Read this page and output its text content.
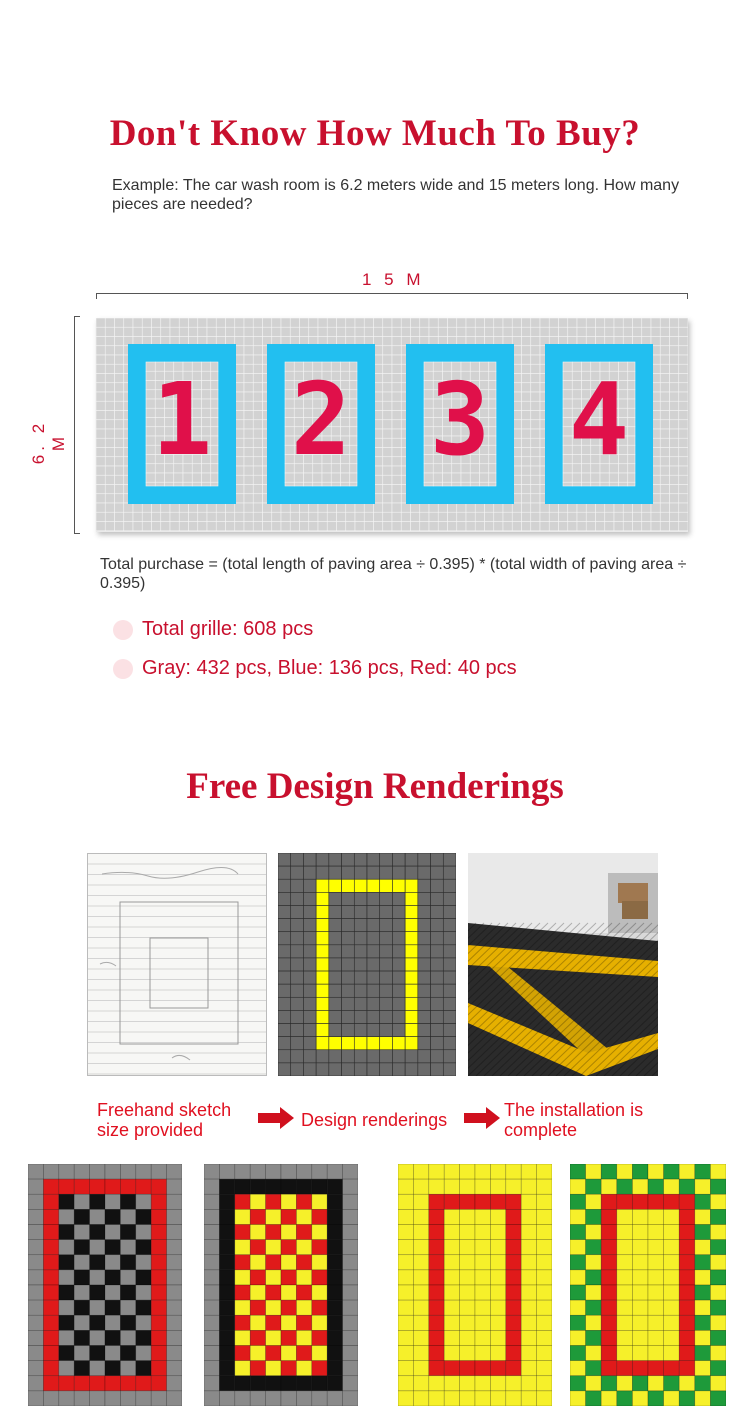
Don't Know How Much To Buy?
Example: The car wash room is 6.2 meters wide and 15 meters long. How many pieces are needed?
1 5 M
6. 2 M 1 2 3 4
Total purchase = (total length of paving area ÷ 0.395) * (total width of paving area ÷ 0.395)
Total grille: 608 pcs
Gray: 432 pcs, Blue: 136 pcs, Red: 40 pcs
Free Design Renderings
Freehand sketch size provided	Design renderings	The installation is complete
